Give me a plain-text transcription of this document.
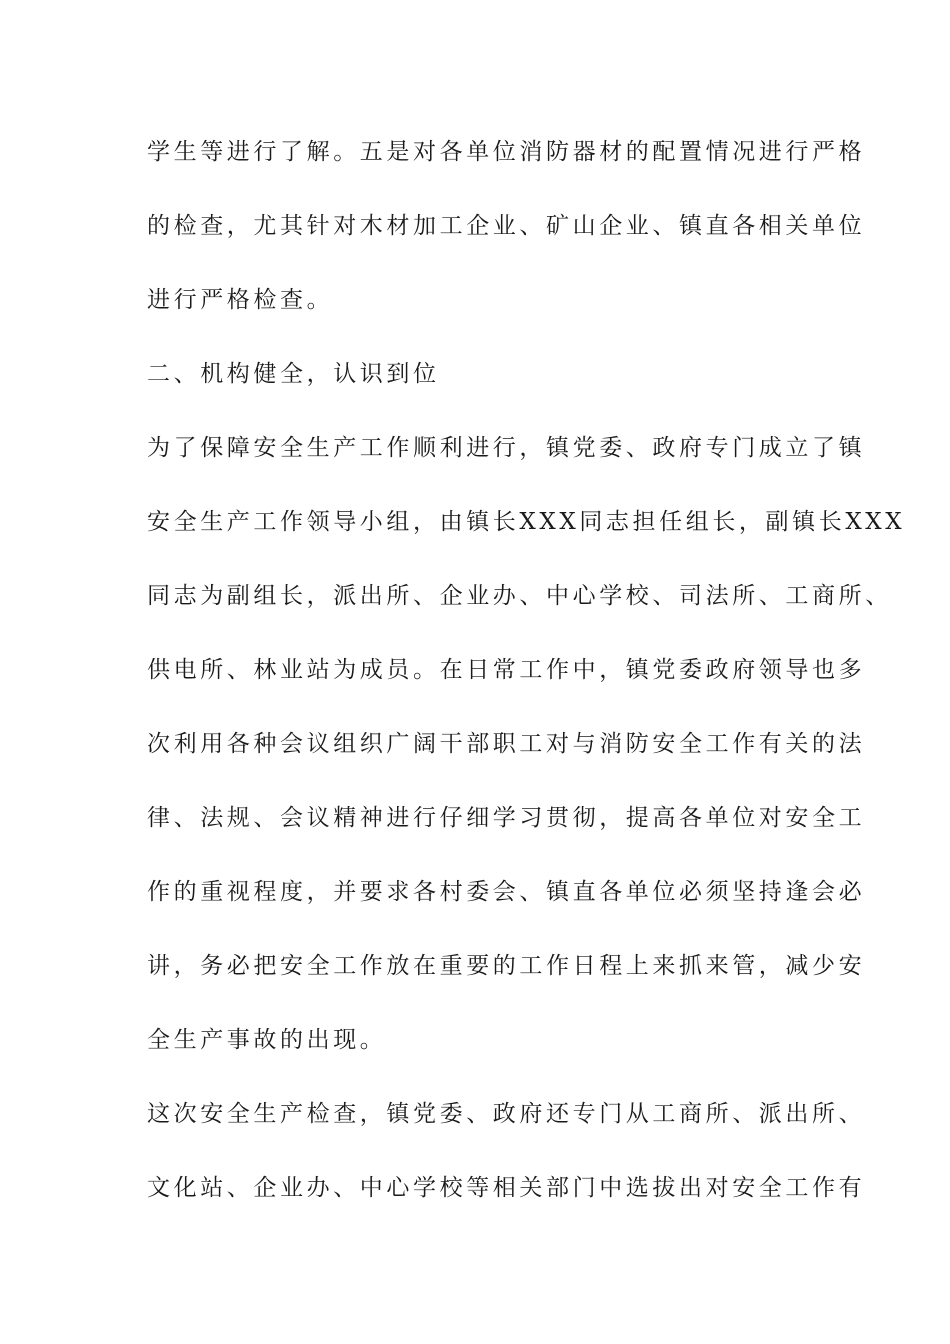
学生等进行了解。五是对各单位消防器材的配置情况进行严格
的检查，尤其针对木材加工企业、矿山企业、镇直各相关单位
进行严格检查。
二、机构健全，认识到位
为了保障安全生产工作顺利进行，镇党委、政府专门成立了镇
安全生产工作领导小组，由镇长XXX同志担任组长，副镇长XXX
同志为副组长，派出所、企业办、中心学校、司法所、工商所、
供电所、林业站为成员。在日常工作中，镇党委政府领导也多
次利用各种会议组织广阔干部职工对与消防安全工作有关的法
律、法规、会议精神进行仔细学习贯彻，提高各单位对安全工
作的重视程度，并要求各村委会、镇直各单位必须坚持逢会必
讲，务必把安全工作放在重要的工作日程上来抓来管，减少安
全生产事故的出现。
这次安全生产检查，镇党委、政府还专门从工商所、派出所、
文化站、企业办、中心学校等相关部门中选拔出对安全工作有
